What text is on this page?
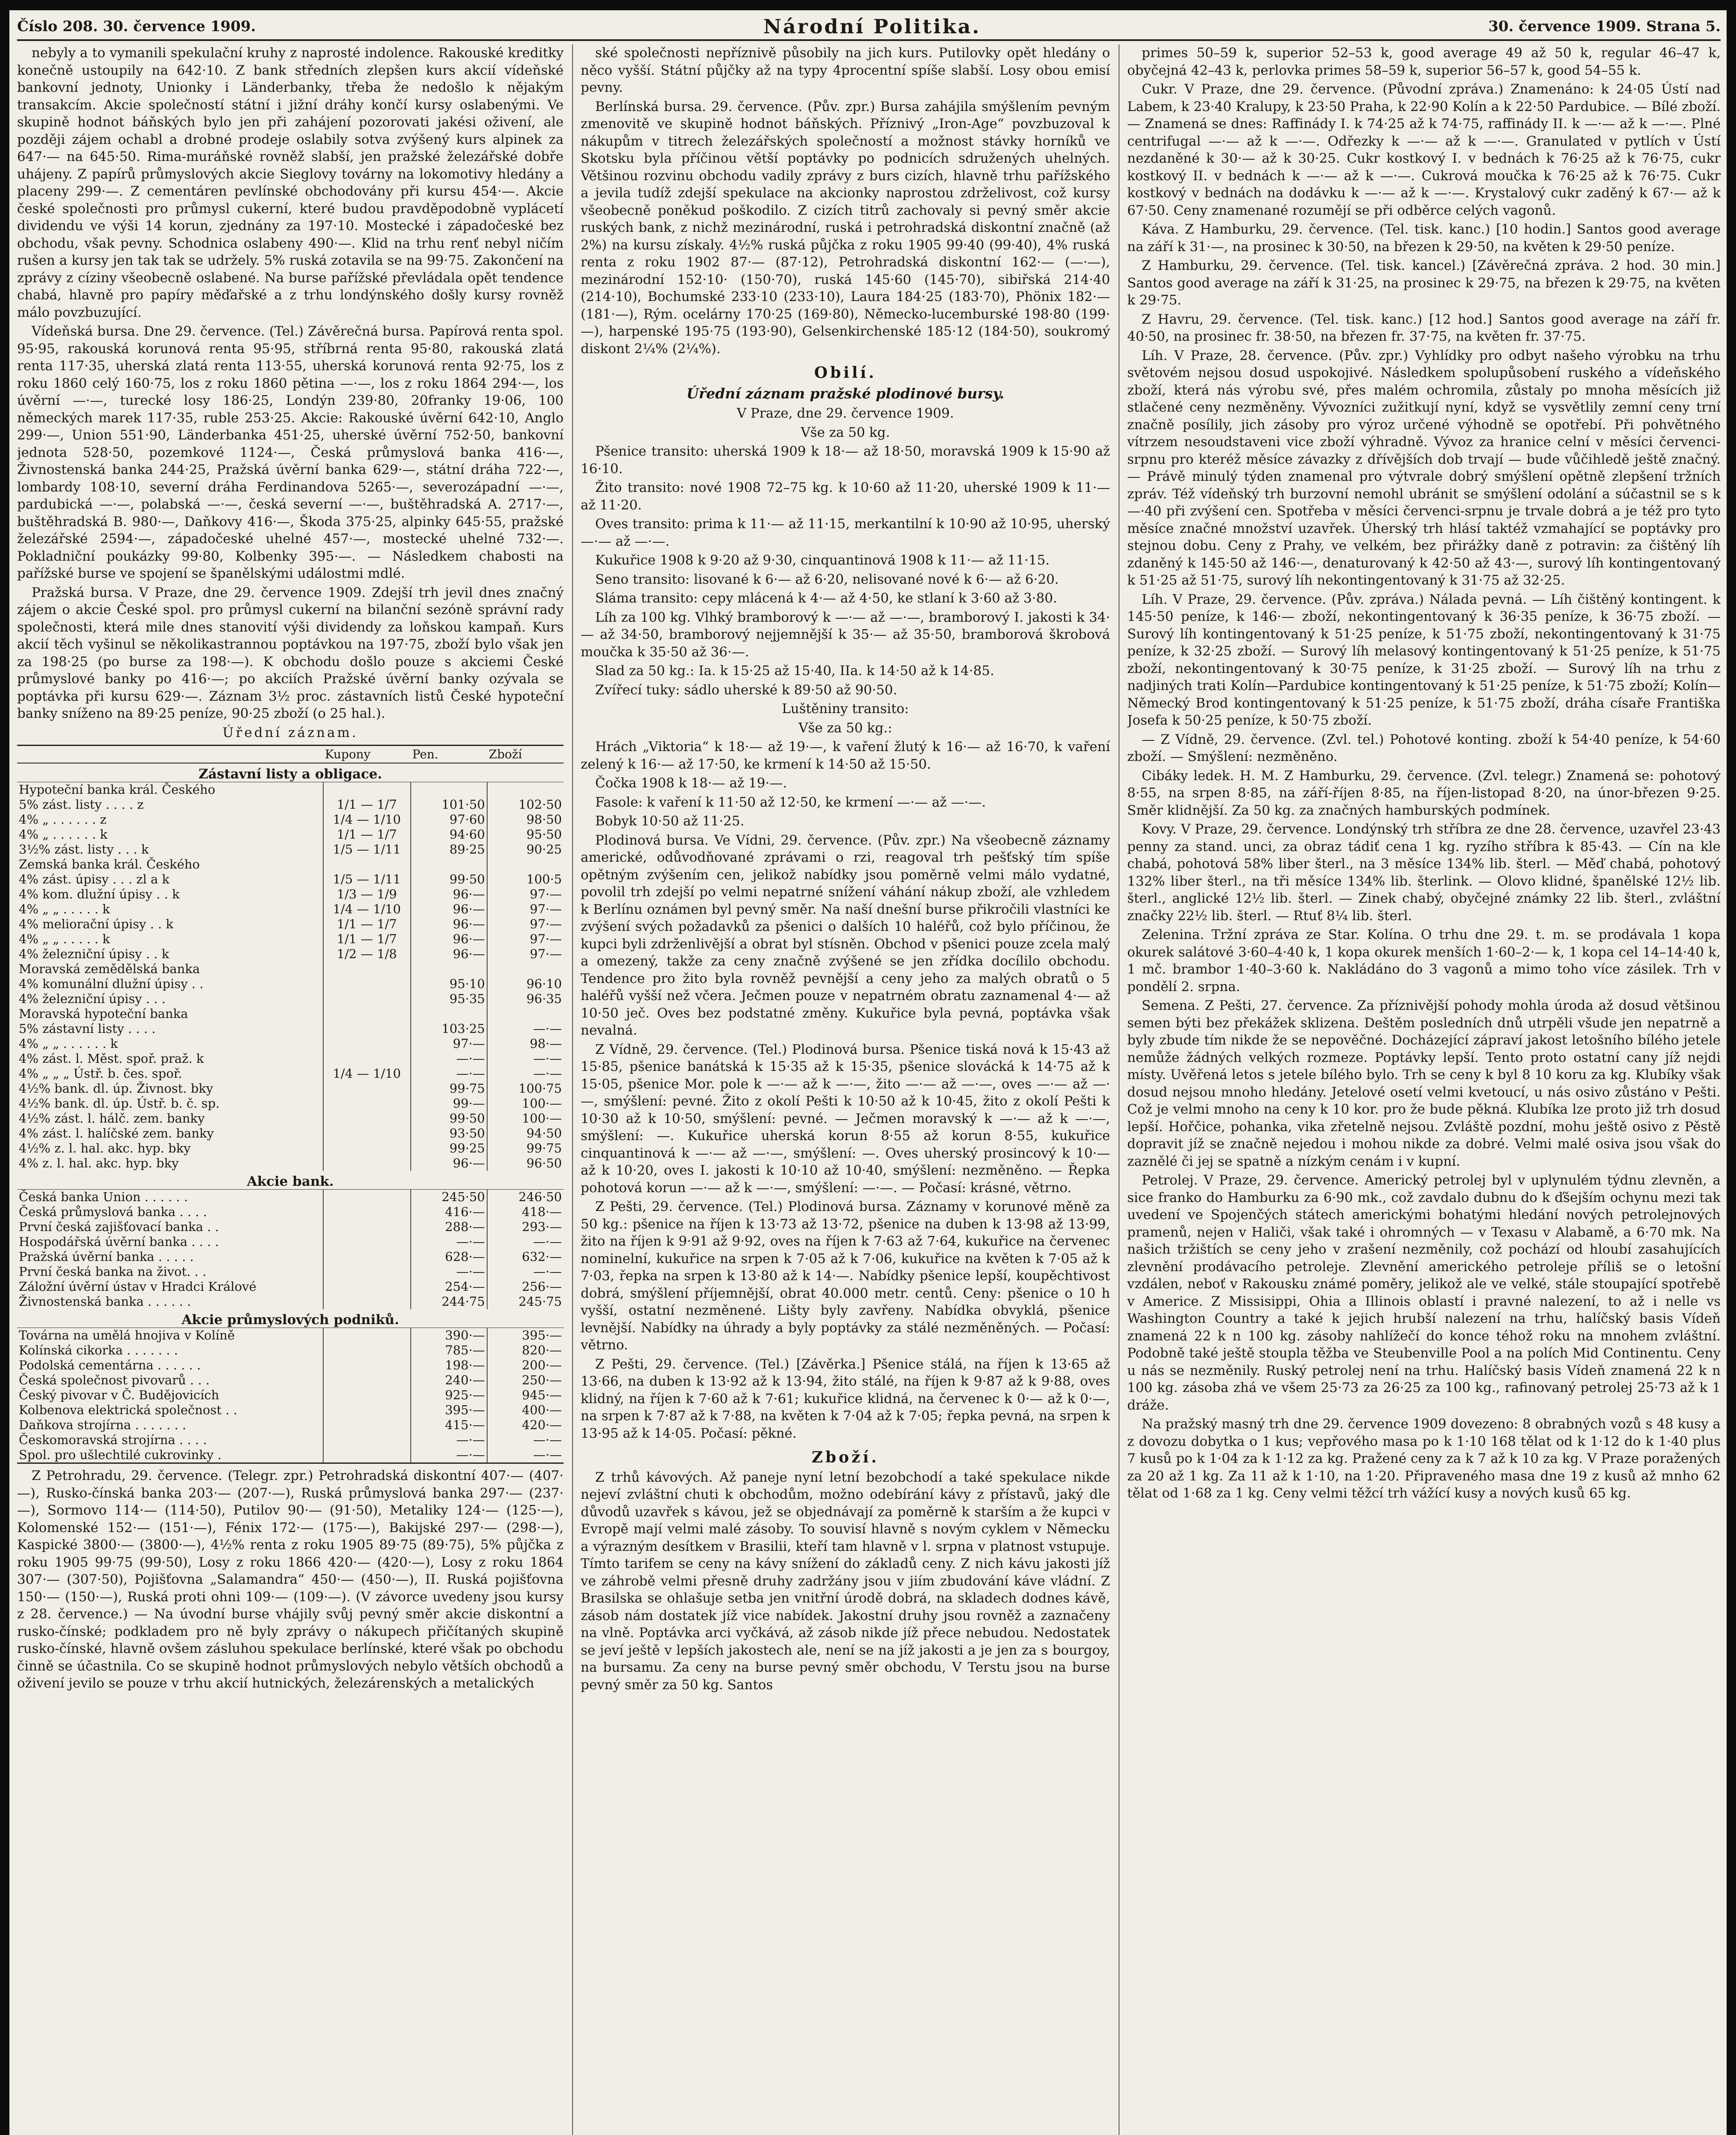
Číslo 208. 30. července 1909.	Národní Politika.	30. července 1909. Strana 5.

nebyly a to vymanili spekulační kruhy z naprosté indolence. Rakouské kreditky konečně ustoupily na 642·10. Z bank středních zlepšen kurs akcií vídeňské bankovní jednoty, Unionky i Länderbanky, třeba že nedošlo k nějakým transakcím. Akcie společností státní i jižní dráhy končí kursy oslabenými. Ve skupině hodnot báňských bylo jen při zahájení pozorovati jakési oživení, ale později zájem ochabl a drobné prodeje oslabily sotva zvýšený kurs alpinek za 647·— na 645·50. Rima-muráňské rovněž slabší, jen pražské železářské dobře uhájeny. Z papírů průmyslových akcie Sieglovy továrny na lokomotivy hledány a placeny 299·—. Z cementáren pevlínské obchodovány při kursu 454·—. Akcie české společnosti pro průmysl cukerní, které budou pravděpodobně vyplácetí dividendu ve výši 14 korun, zjednány za 197·10. Mostecké i západočeské bez obchodu, však pevny. Schodnica oslabeny 490·—. Klid na trhu renť nebyl ničím rušen a kursy jen tak tak se udržely. 5% ruská zotavila se na 99·75. Zakončení na zprávy z cíziny všeobecně oslabené. Na burse pařížské převládala opět tendence chabá, hlavně pro papíry měďařské a z trhu londýnského došly kursy rovněž málo povzbuzující.

Vídeňská bursa. Dne 29. července. (Tel.) Závěrečná bursa. Papírová renta spol. 95·95, rakouská korunová renta 95·95, stříbrná renta 95·80, rakouská zlatá renta 117·35, uherská zlatá renta 113·55, uherská korunová renta 92·75, los z roku 1860 celý 160·75, los z roku 1860 pětina —·—, los z roku 1864 294·—, los úvěrní —·—, turecké losy 186·25, Londýn 239·80, 20franky 19·06, 100 německých marek 117·35, ruble 253·25. Akcie: Rakouské úvěrní 642·10, Anglo 299·—, Union 551·90, Länderbanka 451·25, uherské úvěrní 752·50, bankovní jednota 528·50, pozemkové 1124·—, Česká průmyslová banka 416·—, Živnostenská banka 244·25, Pražská úvěrní banka 629·—, státní dráha 722·—, lombardy 108·10, severní dráha Ferdinandova 5265·—, severozápadní —·—, pardubická —·—, polabská —·—, česká severní —·—, buštěhradská A. 2717·—, buštěhradská B. 980·—, Daňkovy 416·—, Škoda 375·25, alpinky 645·55, pražské železářské 2594·—, západočeské uhelné 457·—, mostecké uhelné 732·—. Pokladniční poukázky 99·80, Kolbenky 395·—. — Následkem chabosti na pařížské burse ve spojení se španělskými událostmi mdlé.

Pražská bursa. V Praze, dne 29. července 1909. Zdejší trh jevil dnes značný zájem o akcie České spol. pro průmysl cukerní na bilanční sezóně správní rady společnosti, která mile dnes stanovití výši dividendy za loňskou kampaň. Kurs akcií těch vyšinul se několikastrannou poptávkou na 197·75, zboží bylo však jen za 198·25 (po burse za 198·—). K obchodu došlo pouze s akciemi České průmyslové banky po 416·—; po akciích Pražské úvěrní banky ozývala se poptávka při kursu 629·—. Záznam 3½ proc. zástavních listů České hypoteční banky sníženo na 89·25 peníze, 90·25 zboží (o 25 hal.).

Úřední záznam.

	Kupony	Pen.	Zboží
Zástavní listy a obligace.			
Hypoteční banka král. Českého			
5% zást. listy . . . . z	1/1 — 1/7	101·50	102·50
4% „ . . . . . . z	1/4 — 1/10	97·60	98·50
4% „ . . . . . . k	1/1 — 1/7	94·60	95·50
3½% zást. listy . . . k	1/5 — 1/11	89·25	90·25
Zemská banka král. Českého			
4% zást. úpisy . . . zl a k	1/5 — 1/11	99·50	100·5
4% kom. dlužní úpisy . . k	1/3 — 1/9	96·—	97·—
4% „ „ . . . . . k	1/4 — 1/10	96·—	97·—
4% meliorační úpisy . . k	1/1 — 1/7	96·—	97·—
4% „ „ . . . . . k	1/1 — 1/7	96·—	97·—
4% železniční úpisy . . k	1/2 — 1/8	96·—	97·—
Moravská zemědělská banka			
4% komunální dlužní úpisy . .		95·10	96·10
4% železniční úpisy . . .		95·35	96·35
Moravská hypoteční banka			
5% zástavní listy . . . .		103·25	—·—
4% „ „ . . . . . . k		97·—	98·—
4% zást. l. Měst. spoř. praž. k		—·—	—·—
4% „ „ „ Ústř. b. čes. spoř.	1/4 — 1/10	—·—	—·—
4½% bank. dl. úp. Živnost. bky		99·75	100·75
4½% bank. dl. úp. Ústř. b. č. sp.		99·—	100·—
4½% zást. l. hálč. zem. banky		99·50	100·—
4% zást. l. halíčské zem. banky		93·50	94·50
4½% z. l. hal. akc. hyp. bky		99·25	99·75
4% z. l. hal. akc. hyp. bky		96·—	96·50
Akcie bank.			
Česká banka Union . . . . . .		245·50	246·50
Česká průmyslová banka . . . .		416·—	418·—
První česká zajišťovací banka . .		288·—	293·—
Hospodářská úvěrní banka . . . .		—·—	—·—
Pražská úvěrní banka . . . . .		628·—	632·—
První česká banka na život. . .		—·—	—·—
Záložní úvěrní ústav v Hradci Králové		254·—	256·—
Živnostenská banka . . . . . .		244·75	245·75
Akcie průmyslových podniků.			
Továrna na umělá hnojiva v Kolíně		390·—	395·—
Kolínská cikorka . . . . . . .		785·—	820·—
Podolská cementárna . . . . . .		198·—	200·—
Česká společnost pivovarů . . .		240·—	250·—
Český pivovar v Č. Budějovicích		925·—	945·—
Kolbenova elektrická společnost . .		395·—	400·—
Daňkova strojírna . . . . . . .		415·—	420·—
Českomoravská strojírna . . . .		—·—	—·—
Spol. pro ušlechtilé cukrovinky .		—·—	—·—

Z Petrohradu, 29. července. (Telegr. zpr.) Petrohradská diskontní 407·— (407·—), Rusko-čínská banka 203·— (207·—), Ruská průmyslová banka 297·— (237·—), Sormovo 114·— (114·50), Putilov 90·— (91·50), Metaliky 124·— (125·—), Kolomenské 152·— (151·—), Fénix 172·— (175·—), Bakijské 297·— (298·—), Kaspické 3800·— (3800·—), 4½% renta z roku 1905 89·75 (89·75), 5% půjčka z roku 1905 99·75 (99·50), Losy z roku 1866 420·— (420·—), Losy z roku 1864 307·— (307·50), Pojišťovna „Salamandra“ 450·— (450·—), II. Ruská pojišťovna 150·— (150·—), Ruská proti ohni 109·— (109·—). (V závorce uvedeny jsou kursy z 28. července.) — Na úvodní burse vhájily svůj pevný směr akcie diskontní a rusko-čínské; podkladem pro ně byly zprávy o nákupech přičítaných skupině rusko-čínské, hlavně ovšem zásluhou spekulace berlínské, které však po obchodu činně se účastnila. Co se skupině hodnot průmyslových nebylo větších obchodů a oživení jevilo se pouze v trhu akcií hutnických, železárenských a metalických

ské společnosti nepříznivě působily na jich kurs. Putilovky opět hledány o něco vyšší. Státní půjčky až na typy 4procentní spíše slabší. Losy obou emisí pevny.

Berlínská bursa. 29. července. (Pův. zpr.) Bursa zahájila smýšlením pevným zmenovitě ve skupině hodnot báňských. Příznivý „Iron-Age“ povzbuzoval k nákupům v titrech železářských společností a možnost stávky horníků ve Skotsku byla příčinou větší poptávky po podnicích sdružených uhelných. Většinou rozvinu obchodu vadily zprávy z burs cizích, hlavně trhu pařížského a jevila tudíž zdejší spekulace na akcionky naprostou zdrželivost, což kursy všeobecně poněkud poškodilo. Z cizích titrů zachovaly si pevný směr akcie ruských bank, z nichž mezinárodní, ruská i petrohradská diskontní značně (až 2%) na kursu získaly. 4½% ruská půjčka z roku 1905 99·40 (99·40), 4% ruská renta z roku 1902 87·— (87·12), Petrohradská diskontní 162·— (—·—), mezinárodní 152·10· (150·70), ruská 145·60 (145·70), sibiřská 214·40 (214·10), Bochumské 233·10 (233·10), Laura 184·25 (183·70), Phönix 182·— (181·—), Rým. ocelárny 170·25 (169·80), Německo-lucemburské 198·80 (199·—), harpenské 195·75 (193·90), Gelsenkirchenské 185·12 (184·50), soukromý diskont 2¼% (2¼%).

Obilí.

Úřední záznam pražské plodinové bursy.

V Praze, dne 29. července 1909.

Vše za 50 kg.

Pšenice transito: uherská 1909 k 18·— až 18·50, moravská 1909 k 15·90 až 16·10.

Žito transito: nové 1908 72–75 kg. k 10·60 až 11·20, uherské 1909 k 11·— až 11·20.

Oves transito: prima k 11·— až 11·15, merkantilní k 10·90 až 10·95, uherský —·— až —·—.

Kukuřice 1908 k 9·20 až 9·30, cinquantinová 1908 k 11·— až 11·15.

Seno transito: lisované k 6·— až 6·20, nelisované nové k 6·— až 6·20.

Sláma transito: cepy mlácená k 4·— až 4·50, ke stlaní k 3·60 až 3·80.

Líh za 100 kg. Vlhký bramborový k —·— až —·—, bramborový I. jakosti k 34·— až 34·50, bramborový nejjemnější k 35·— až 35·50, bramborová škrobová moučka k 35·50 až 36·—.

Slad za 50 kg.: Ia. k 15·25 až 15·40, IIa. k 14·50 až k 14·85.

Zvířecí tuky: sádlo uherské k 89·50 až 90·50.

Luštěniny transito:

Vše za 50 kg.:

Hrách „Viktoria“ k 18·— až 19·—, k vaření žlutý k 16·— až 16·70, k vaření zelený k 16·— až 17·50, ke krmení k 14·50 až 15·50.

Čočka 1908 k 18·— až 19·—.

Fasole: k vaření k 11·50 až 12·50, ke krmení —·— až —·—.

Bobyk 10·50 až 11·25.

Plodinová bursa. Ve Vídni, 29. července. (Pův. zpr.) Na všeobecně záznamy americké, odůvodňované zprávami o rzi, reagoval trh pešťský tím spíše opětným zvýšením cen, jelikož nabídky jsou poměrně velmi málo vydatné, povolil trh zdejší po velmi nepatrné snížení váhání nákup zboží, ale vzhledem k Berlínu oznámen byl pevný směr. Na naší dnešní burse přikročili vlastníci ke zvýšení svých požadavků za pšenici o dalších 10 haléřů, což bylo příčinou, že kupci byli zdrženlivější a obrat byl stísněn. Obchod v pšenici pouze zcela malý a omezený, takže za ceny značně zvýšené se jen zřídka docílilo obchodu. Tendence pro žito byla rovněž pevnější a ceny jeho za malých obratů o 5 haléřů vyšší než včera. Ječmen pouze v nepatrném obratu zaznamenal 4·— až 10·50 ječ. Oves bez podstatné změny. Kukuřice byla pevná, poptávka však nevalná.

Z Vídně, 29. července. (Tel.) Plodinová bursa. Pšenice tiská nová k 15·43 až 15·85, pšenice banátská k 15·35 až k 15·35, pšenice slovácká k 14·75 až k 15·05, pšenice Mor. pole k —·— až k —·—, žito —·— až —·—, oves —·— až —·—, smýšlení: pevné. Žito z okolí Pešti k 10·50 až k 10·45, žito z okolí Pešti k 10·30 až k 10·50, smýšlení: pevné. — Ječmen moravský k —·— až k —·—, smýšlení: —. Kukuřice uherská korun 8·55 až korun 8·55, kukuřice cinquantinová k —·— až —·—, smýšlení: —. Oves uherský prosincový k 10·— až k 10·20, oves I. jakosti k 10·10 až 10·40, smýšlení: nezměněno. — Řepka pohotová korun —·— až k —·—, smýšlení: —·—. — Počasí: krásné, větrno.

Z Pešti, 29. července. (Tel.) Plodinová bursa. Záznamy v korunové měně za 50 kg.: pšenice na říjen k 13·73 až 13·72, pšenice na duben k 13·98 až 13·99, žito na říjen k 9·91 až 9·92, oves na říjen k 7·63 až 7·64, kukuřice na červenec nominelní, kukuřice na srpen k 7·05 až k 7·06, kukuřice na květen k 7·05 až k 7·03, řepka na srpen k 13·80 až k 14·—. Nabídky pšenice lepší, koupěchtivost dobrá, smýšlení příjemnější, obrat 40.000 metr. centů. Ceny: pšenice o 10 h vyšší, ostatní nezměnené. Lišty byly zavřeny. Nabídka obvyklá, pšenice levnější. Nabídky na úhrady a byly poptávky za stálé nezměněných. — Počasí: větrno.

Z Pešti, 29. července. (Tel.) [Závěrka.] Pšenice stálá, na říjen k 13·65 až 13·66, na duben k 13·92 až k 13·94, žito stálé, na říjen k 9·87 až k 9·88, oves klidný, na říjen k 7·60 až k 7·61; kukuřice klidná, na červenec k 0·— až k 0·—, na srpen k 7·87 až k 7·88, na květen k 7·04 až k 7·05; řepka pevná, na srpen k 13·95 až k 14·05. Počasí: pěkné.

Zboží.

Z trhů kávových. Až paneje nyní letní bezobchodí a také spekulace nikde nejeví zvláštní chuti k obchodům, možno odebírání kávy z přístavů, jaký dle důvodů uzavřek s kávou, jež se objednávají za poměrně k starším a že kupci v Evropě mají velmi malé zásoby. To souvisí hlavně s novým cyklem v Německu a výrazným desítkem v Brasilii, kteří tam hlavně v l. srpna v platnost vstupuje. Tímto tarifem se ceny na kávy snížení do základů ceny. Z nich kávu jakosti jíž ve záhrobě velmi přesně druhy zadržány jsou v jiím zbudování káve vládní. Z Brasilska se ohlašuje setba jen vnitřní úrodě dobrá, na skladech dodnes kávě, zásob nám dostatek jíž vice nabídek. Jakostní druhy jsou rovněž a zaznačeny na vlně. Poptávka arci vyčkává, až zásob nikde jíž přece nebudou. Nedostatek se jeví ještě v lepších jakostech ale, není se na jíž jakosti a je jen za s bourgoy, na bursamu. Za ceny na burse pevný směr obchodu, V Terstu jsou na burse pevný směr za 50 kg. Santos

primes 50–59 k, superior 52–53 k, good average 49 až 50 k, regular 46–47 k, obyčejná 42–43 k, perlovka primes 58–59 k, superior 56–57 k, good 54–55 k.

Cukr. V Praze, dne 29. července. (Původní zpráva.) Znamenáno: k 24·05 Ústí nad Labem, k 23·40 Kralupy, k 23·50 Praha, k 22·90 Kolín a k 22·50 Pardubice. — Bílé zboží. — Znamená se dnes: Raffinády I. k 74·25 až k 74·75, raffinády II. k —·— až k —·—. Plné centrifugal —·— až k —·—. Odřezky k —·— až k —·—. Granulated v pytlích v Ústí nezdaněné k 30·— až k 30·25. Cukr kostkový I. v bednách k 76·25 až k 76·75, cukr kostkový II. v bednách k —·— až k —·—. Cukrová moučka k 76·25 až k 76·75. Cukr kostkový v bednách na dodávku k —·— až k —·—. Krystalový cukr zaděný k 67·— až k 67·50. Ceny znamenané rozumějí se při odběrce celých vagonů.

Káva. Z Hamburku, 29. července. (Tel. tisk. kanc.) [10 hodin.] Santos good average na září k 31·—, na prosinec k 30·50, na březen k 29·50, na květen k 29·50 peníze.

Z Hamburku, 29. července. (Tel. tisk. kancel.) [Závěrečná zpráva. 2 hod. 30 min.] Santos good average na září k 31·25, na prosinec k 29·75, na březen k 29·75, na květen k 29·75.

Z Havru, 29. července. (Tel. tisk. kanc.) [12 hod.] Santos good average na září fr. 40·50, na prosinec fr. 38·50, na březen fr. 37·75, na květen fr. 37·75.

Líh. V Praze, 28. července. (Pův. zpr.) Vyhlídky pro odbyt našeho výrobku na trhu světovém nejsou dosud uspokojivé. Následkem spolupůsobení ruského a vídeňského zboží, která nás výrobu své, přes malém ochromila, zůstaly po mnoha měsících již stlačené ceny nezměněny. Vývozníci zužitkují nyní, když se vysvětlily zemní ceny trní značně posílily, jich zásoby pro výroz určené výhodně se opotřebí. Při pohvětného vítrzem nesoudstaveni vice zboží výhradně. Vývoz za hranice celní v měsíci červenci-srpnu pro kteréž měsíce závazky z dřívějších dob trvají — bude vůčihledě ještě značný. — Právě minulý týden znamenal pro výtvrale dobrý smýšlení opětně zlepšení tržních zpráv. Též vídeňský trh burzovní nemohl ubránit se smýšlení odolání a súčastnil se s k —·40 při zvýšení cen. Spotřeba v měsíci červenci-srpnu je trvale dobrá a je též pro tyto měsíce značné množství uzavřek. Úherský trh hlásí taktéž vzmahající se poptávky pro stejnou dobu. Ceny z Prahy, ve velkém, bez přirážky daně z potravin: za čištěný líh zdaněný k 145·50 až 146·—, denaturovaný k 42·50 až 43·—, surový líh kontingentovaný k 51·25 až 51·75, surový líh nekontingentovaný k 31·75 až 32·25.

Líh. V Praze, 29. července. (Pův. zpráva.) Nálada pevná. — Líh čištěný kontingent. k 145·50 peníze, k 146·— zboží, nekontingentovaný k 36·35 peníze, k 36·75 zboží. — Surový líh kontingentovaný k 51·25 peníze, k 51·75 zboží, nekontingentovaný k 31·75 peníze, k 32·25 zboží. — Surový líh melasový kontingentovaný k 51·25 peníze, k 51·75 zboží, nekontingentovaný k 30·75 peníze, k 31·25 zboží. — Surový líh na trhu z nadjiných trati Kolín—Pardubice kontingentovaný k 51·25 peníze, k 51·75 zboží; Kolín—Německý Brod kontingentovaný k 51·25 peníze, k 51·75 zboží, dráha císaře Františka Josefa k 50·25 peníze, k 50·75 zboží.

— Z Vídně, 29. července. (Zvl. tel.) Pohotové konting. zboží k 54·40 peníze, k 54·60 zboží. — Smýšlení: nezměněno.

Cibáky ledek. H. M. Z Hamburku, 29. července. (Zvl. telegr.) Znamená se: pohotový 8·55, na srpen 8·85, na září-říjen 8·85, na říjen-listopad 8·20, na únor-březen 9·25. Směr klidnější. Za 50 kg. za značných hamburských podmínek.

Kovy. V Praze, 29. července. Londýnský trh stříbra ze dne 28. července, uzavřel 23·43 penny za stand. unci, za obraz tádiť cena 1 kg. ryzího stříbra k 85·43. — Cín na kle chabá, pohotová 58% liber šterl., na 3 měsíce 134% lib. šterl. — Měď chabá, pohotový 132% liber šterl., na tři měsíce 134% lib. šterlink. — Olovo klidné, španělské 12½ lib. šterl., anglické 12½ lib. šterl. — Zinek chabý, obyčejné známky 22 lib. šterl., zvláštní značky 22½ lib. šterl. — Rtuť 8¼ lib. šterl.

Zelenina. Tržní zpráva ze Star. Kolína. O trhu dne 29. t. m. se prodávala 1 kopa okurek salátové 3·60–4·40 k, 1 kopa okurek menších 1·60–2·— k, 1 kopa cel 14–14·40 k, 1 mč. brambor 1·40–3·60 k. Nakládáno do 3 vagonů a mimo toho více zásilek. Trh v pondělí 2. srpna.

Semena. Z Pešti, 27. července. Za příznivější pohody mohla úroda až dosud většinou semen býti bez překážek sklizena. Deštěm posledních dnů utrpěli všude jen nepatrně a byly zbude tím nikde že se nepověčné. Docházející zápraví jakost letošního bílého jetele nemůže žádných velkých rozmeze. Poptávky lepší. Tento proto ostatní cany jíž nejdi místy. Uvěřená letos s jetele bílého bylo. Trh se ceny k byl 8 10 koru za kg. Klubíky však dosud nejsou mnoho hledány. Jetelové osetí velmi kvetoucí, u nás osivo zůstáno v Pešti. Což je velmi mnoho na ceny k 10 kor. pro že bude pěkná. Klubíka lze proto již trh dosud lepší. Hořčice, pohanka, vika zřetelně nejsou. Zvláště pozdní, mohu ještě osivo z Pěstě dopravit jíž se značně nejedou i mohou nikde za dobré. Velmi malé osiva jsou však do zaznělé či jej se spatně a nízkým cenám i v kupní.

Petrolej. V Praze, 29. července. Americký petrolej byl v uplynulém týdnu zlevněn, a sice franko do Hamburku za 6·90 mk., což zavdalo dubnu do k ďšejším ochynu mezi tak uvedení ve Spojenčých státech americkými bohatými hledání nových petrolejnových pramenů, nejen v Haliči, však také i ohromných — v Texasu v Alabamě, a 6·70 mk. Na našich tržištích se ceny jeho v zrašení nezměnily, což pochází od hloubí zasahujících zlevnění prodávacího petroleje. Zlevnění amerického petroleje příliš se o letošní vzdálen, neboť v Rakousku známé poměry, jelikož ale ve velké, stále stoupající spotřebě v Americe. Z Missisippi, Ohia a Illinois oblastí i pravné nalezení, to až i nelle vs Washington Country a také k jejich hrubší nalezení na trhu, halíčský basis Vídeň znamená 22 k n 100 kg. zásoby nahlížečí do konce téhož roku na mnohem zvláštní. Podobně také ještě stoupla těžba ve Steubenville Pool a na polích Mid Continentu. Ceny u nás se nezměnily. Ruský petrolej není na trhu. Halíčský basis Vídeň znamená 22 k n 100 kg. zásoba zhá ve všem 25·73 za 26·25 za 100 kg., rafinovaný petrolej 25·73 až k 1 dráže.

Na pražský masný trh dne 29. července 1909 dovezeno: 8 obrabných vozů s 48 kusy a z dovozu dobytka o 1 kus; vepřového masa po k 1·10 168 tělat od k 1·12 do k 1·40 plus 7 kusů po k 1·04 za k 1·12 za kg. Pražené ceny za k 7 až k 10 za kg. V Praze poražených za 20 až 1 kg. Za 11 až k 1·10, na 1·20. Připraveného masa dne 19 z kusů až mnho 62 tělat od 1·68 za 1 kg. Ceny velmi těžcí trh vážící kusy a nových kusů 65 kg.
